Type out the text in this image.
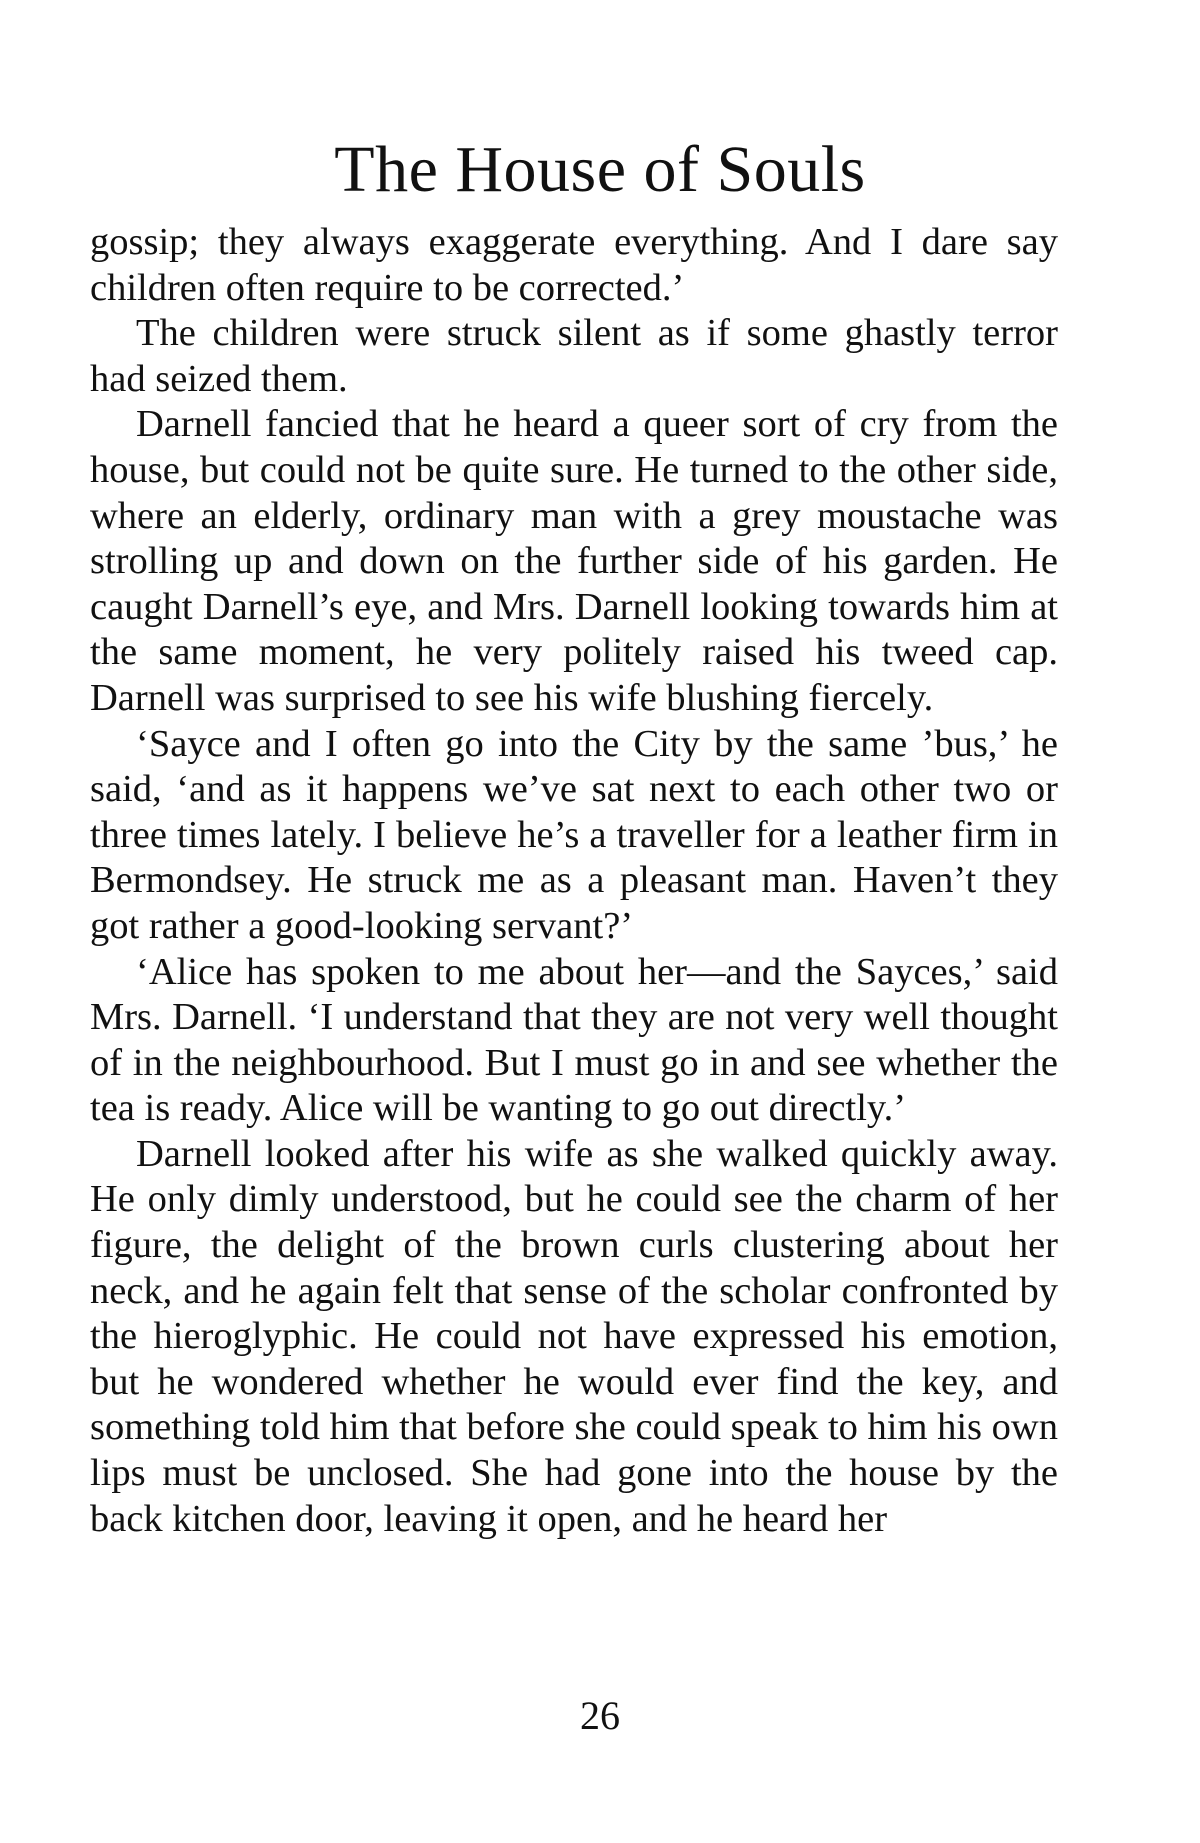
The House of Souls

gossip; they always exaggerate everything. And I dare say children often require to be corrected.’

The children were struck silent as if some ghastly terror had seized them.

Darnell fancied that he heard a queer sort of cry from the house, but could not be quite sure. He turned to the other side, where an elderly, ordinary man with a grey moustache was strolling up and down on the further side of his garden. He caught Darnell’s eye, and Mrs. Darnell looking towards him at the same moment, he very politely raised his tweed cap. Darnell was surprised to see his wife blushing fiercely.

‘Sayce and I often go into the City by the same ’bus,’ he said, ‘and as it happens we’ve sat next to each other two or three times lately. I believe he’s a traveller for a leather firm in Bermondsey. He struck me as a pleasant man. Haven’t they got rather a good-looking servant?’

‘Alice has spoken to me about her—and the Sayces,’ said Mrs. Darnell. ‘I understand that they are not very well thought of in the neighbourhood. But I must go in and see whether the tea is ready. Alice will be wanting to go out directly.’

Darnell looked after his wife as she walked quickly away. He only dimly understood, but he could see the charm of her figure, the delight of the brown curls clustering about her neck, and he again felt that sense of the scholar confronted by the hieroglyphic. He could not have expressed his emotion, but he wondered whether he would ever find the key, and something told him that before she could speak to him his own lips must be unclosed. She had gone into the house by the back kitchen door, leaving it open, and he heard her

26
